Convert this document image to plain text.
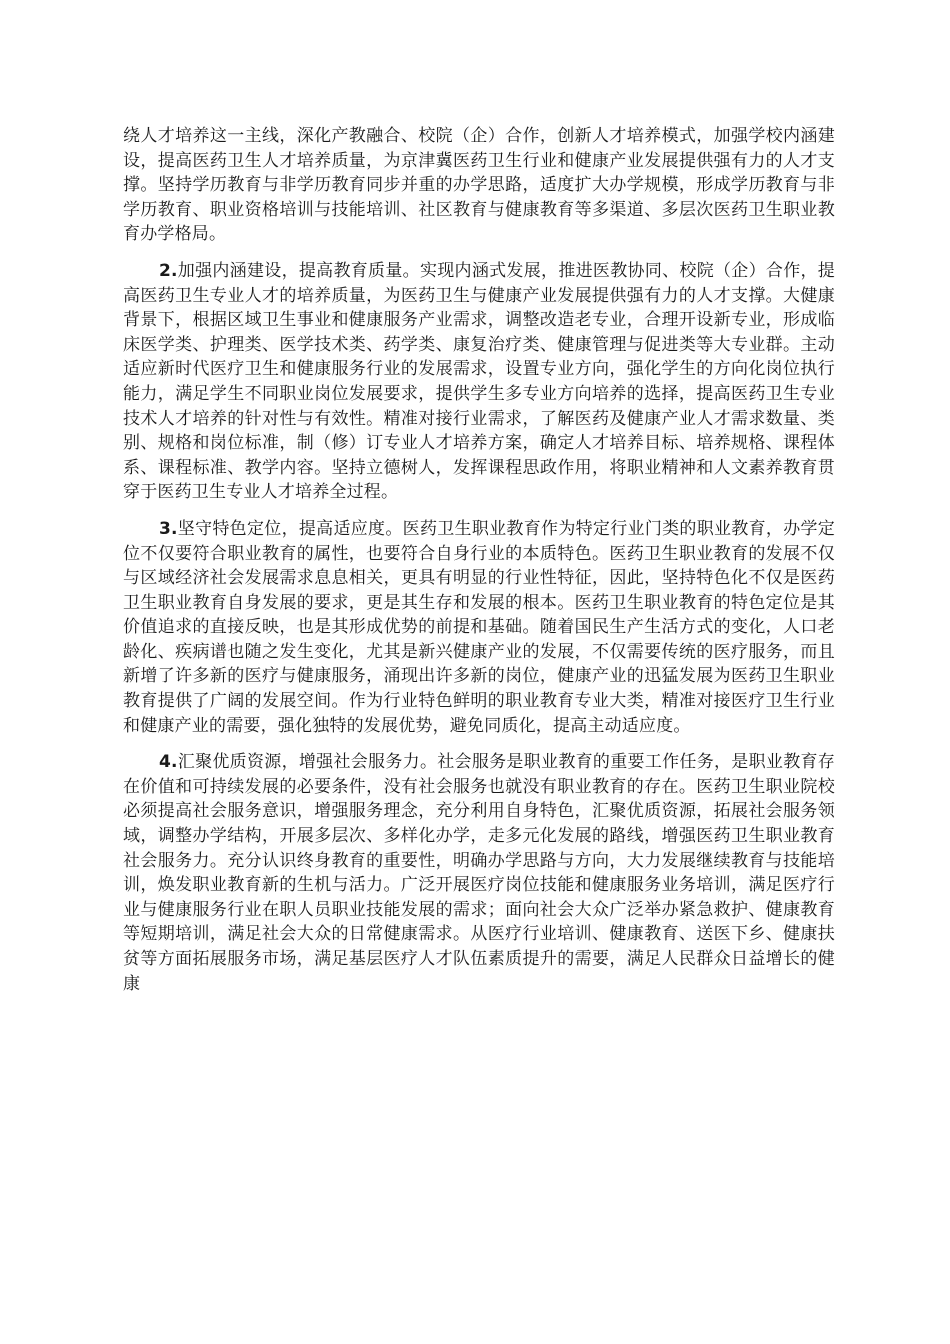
绕人才培养这一主线，深化产教融合、校院（企）合作，创新人才培养模式，加强学校内涵建设，提高医药卫生人才培养质量，为京津冀医药卫生行业和健康产业发展提供强有力的人才支撑。坚持学历教育与非学历教育同步并重的办学思路，适度扩大办学规模，形成学历教育与非学历教育、职业资格培训与技能培训、社区教育与健康教育等多渠道、多层次医药卫生职业教育办学格局。

2.加强内涵建设，提高教育质量。实现内涵式发展，推进医教协同、校院（企）合作，提高医药卫生专业人才的培养质量，为医药卫生与健康产业发展提供强有力的人才支撑。大健康背景下，根据区域卫生事业和健康服务产业需求，调整改造老专业，合理开设新专业，形成临床医学类、护理类、医学技术类、药学类、康复治疗类、健康管理与促进类等大专业群。主动适应新时代医疗卫生和健康服务行业的发展需求，设置专业方向，强化学生的方向化岗位执行能力，满足学生不同职业岗位发展要求，提供学生多专业方向培养的选择，提高医药卫生专业技术人才培养的针对性与有效性。精准对接行业需求，了解医药及健康产业人才需求数量、类别、规格和岗位标准，制（修）订专业人才培养方案，确定人才培养目标、培养规格、课程体系、课程标准、教学内容。坚持立德树人，发挥课程思政作用，将职业精神和人文素养教育贯穿于医药卫生专业人才培养全过程。

3.坚守特色定位，提高适应度。医药卫生职业教育作为特定行业门类的职业教育，办学定位不仅要符合职业教育的属性，也要符合自身行业的本质特色。医药卫生职业教育的发展不仅与区域经济社会发展需求息息相关，更具有明显的行业性特征，因此，坚持特色化不仅是医药卫生职业教育自身发展的要求，更是其生存和发展的根本。医药卫生职业教育的特色定位是其价值追求的直接反映，也是其形成优势的前提和基础。随着国民生产生活方式的变化，人口老龄化、疾病谱也随之发生变化，尤其是新兴健康产业的发展，不仅需要传统的医疗服务，而且新增了许多新的医疗与健康服务，涌现出许多新的岗位，健康产业的迅猛发展为医药卫生职业教育提供了广阔的发展空间。作为行业特色鲜明的职业教育专业大类，精准对接医疗卫生行业和健康产业的需要，强化独特的发展优势，避免同质化，提高主动适应度。

4.汇聚优质资源，增强社会服务力。社会服务是职业教育的重要工作任务，是职业教育存在价值和可持续发展的必要条件，没有社会服务也就没有职业教育的存在。医药卫生职业院校必须提高社会服务意识，增强服务理念，充分利用自身特色，汇聚优质资源，拓展社会服务领域，调整办学结构，开展多层次、多样化办学，走多元化发展的路线，增强医药卫生职业教育社会服务力。充分认识终身教育的重要性，明确办学思路与方向，大力发展继续教育与技能培训，焕发职业教育新的生机与活力。广泛开展医疗岗位技能和健康服务业务培训，满足医疗行业与健康服务行业在职人员职业技能发展的需求；面向社会大众广泛举办紧急救护、健康教育等短期培训，满足社会大众的日常健康需求。从医疗行业培训、健康教育、送医下乡、健康扶贫等方面拓展服务市场，满足基层医疗人才队伍素质提升的需要，满足人民群众日益增长的健康
